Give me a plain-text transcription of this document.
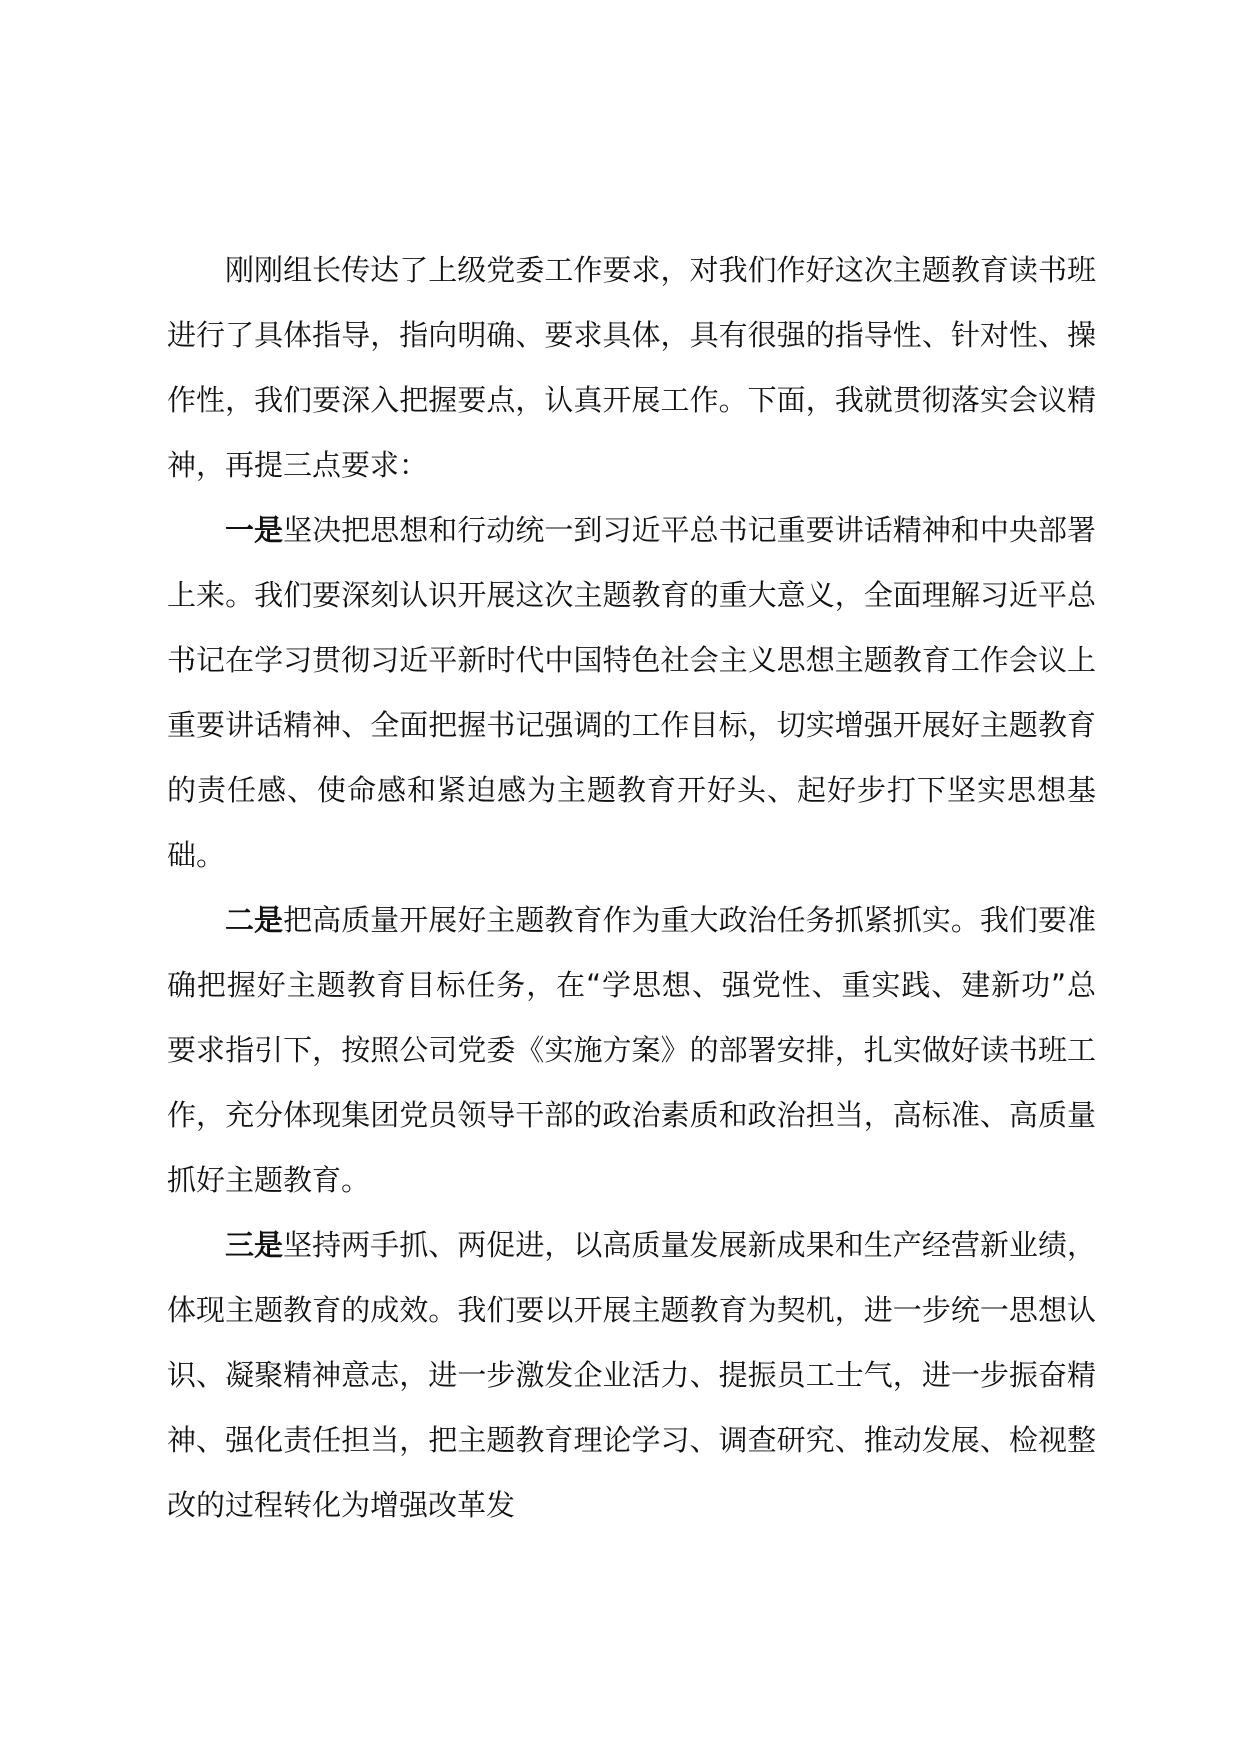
刚刚组长传达了上级党委工作要求，对我们作好这次主题教育读书班进行了具体指导，指向明确、要求具体，具有很强的指导性、针对性、操作性，我们要深入把握要点，认真开展工作。下面，我就贯彻落实会议精神，再提三点要求：

一是坚决把思想和行动统一到习近平总书记重要讲话精神和中央部署上来。我们要深刻认识开展这次主题教育的重大意义，全面理解习近平总书记在学习贯彻习近平新时代中国特色社会主义思想主题教育工作会议上重要讲话精神、全面把握书记强调的工作目标，切实增强开展好主题教育的责任感、使命感和紧迫感为主题教育开好头、起好步打下坚实思想基础。

二是把高质量开展好主题教育作为重大政治任务抓紧抓实。我们要准确把握好主题教育目标任务，在“学思想、强党性、重实践、建新功”总要求指引下，按照公司党委《实施方案》的部署安排，扎实做好读书班工作，充分体现集团党员领导干部的政治素质和政治担当，高标准、高质量抓好主题教育。

三是坚持两手抓、两促进，以高质量发展新成果和生产经营新业绩，体现主题教育的成效。我们要以开展主题教育为契机，进一步统一思想认识、凝聚精神意志，进一步激发企业活力、提振员工士气，进一步振奋精神、强化责任担当，把主题教育理论学习、调查研究、推动发展、检视整改的过程转化为增强改革发
